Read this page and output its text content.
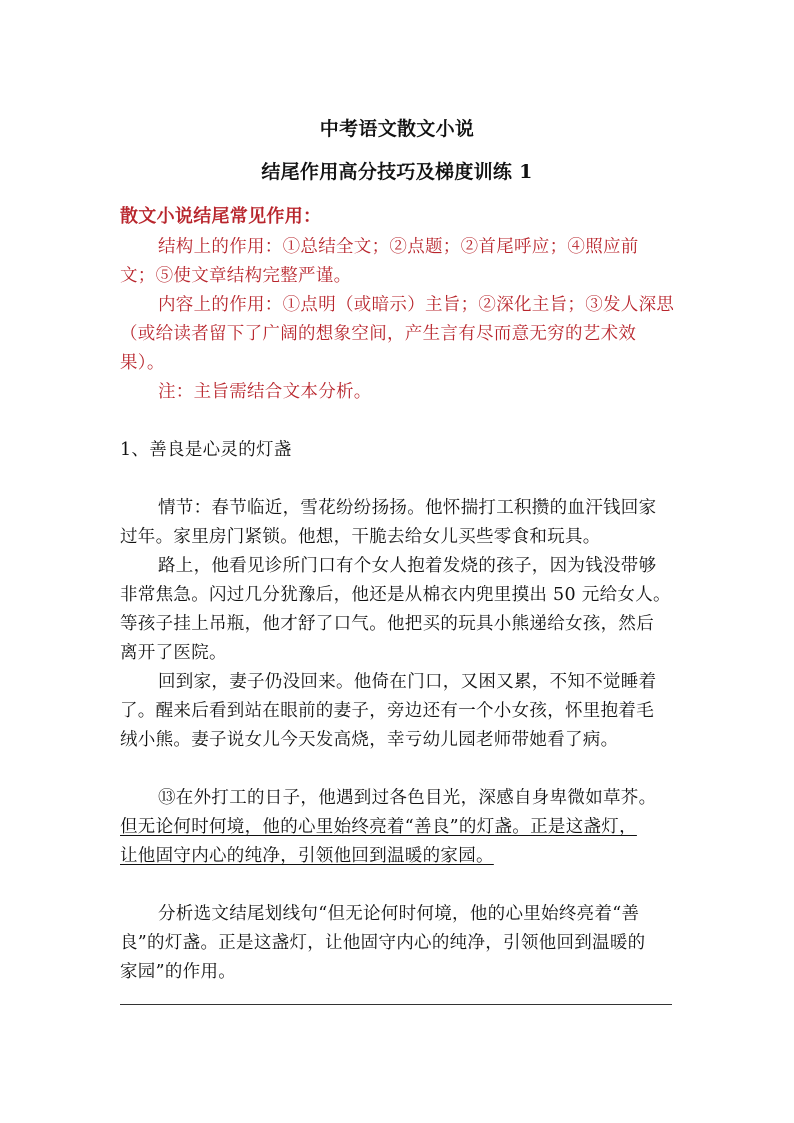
中考语文散文小说
结尾作用高分技巧及梯度训练 1
散文小说结尾常见作用：
结构上的作用：①总结全文；②点题；②首尾呼应；④照应前
文；⑤使文章结构完整严谨。
内容上的作用：①点明（或暗示）主旨；②深化主旨；③发人深思
（或给读者留下了广阔的想象空间，产生言有尽而意无穷的艺术效
果）。
注：主旨需结合文本分析。
1、善良是心灵的灯盏
情节：春节临近，雪花纷纷扬扬。他怀揣打工积攒的血汗钱回家
过年。家里房门紧锁。他想，干脆去给女儿买些零食和玩具。
路上，他看见诊所门口有个女人抱着发烧的孩子，因为钱没带够
非常焦急。闪过几分犹豫后，他还是从棉衣内兜里摸出 50 元给女人。
等孩子挂上吊瓶，他才舒了口气。他把买的玩具小熊递给女孩，然后
离开了医院。
回到家，妻子仍没回来。他倚在门口，又困又累，不知不觉睡着
了。醒来后看到站在眼前的妻子，旁边还有一个小女孩，怀里抱着毛
绒小熊。妻子说女儿今天发高烧，幸亏幼儿园老师带她看了病。
⑬在外打工的日子，他遇到过各色目光，深感自身卑微如草芥。
但无论何时何境，他的心里始终亮着“善良”的灯盏。正是这盏灯，
让他固守内心的纯净，引领他回到温暖的家园。
分析选文结尾划线句“但无论何时何境，他的心里始终亮着“善
良”的灯盏。正是这盏灯，让他固守内心的纯净，引领他回到温暖的
家园”的作用。
